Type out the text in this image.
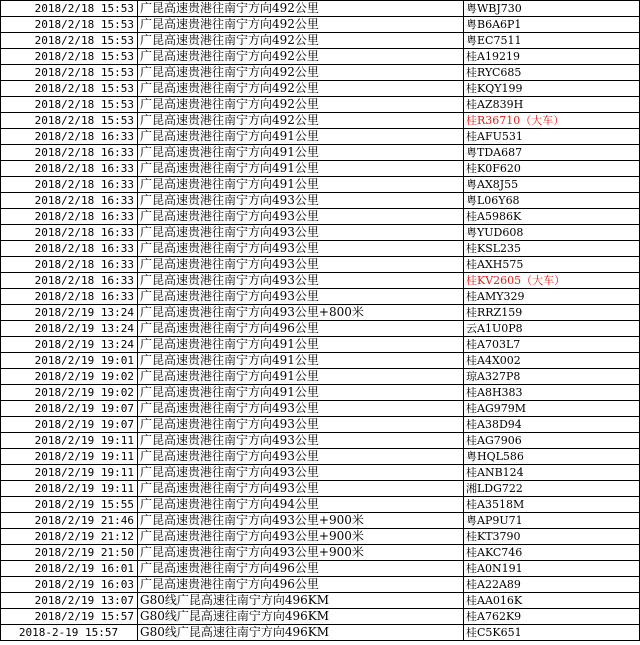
2018/2/18 15:53	广昆高速贵港往南宁方向492公里	粤WBJ730
2018/2/18 15:53	广昆高速贵港往南宁方向492公里	粤B6A6P1
2018/2/18 15:53	广昆高速贵港往南宁方向492公里	粤EC7511
2018/2/18 15:53	广昆高速贵港往南宁方向492公里	桂A19219
2018/2/18 15:53	广昆高速贵港往南宁方向492公里	桂RYC685
2018/2/18 15:53	广昆高速贵港往南宁方向492公里	桂KQY199
2018/2/18 15:53	广昆高速贵港往南宁方向492公里	桂AZ839H
2018/2/18 15:53	广昆高速贵港往南宁方向492公里	桂R36710（大车）
2018/2/18 16:33	广昆高速贵港往南宁方向491公里	桂AFU531
2018/2/18 16:33	广昆高速贵港往南宁方向491公里	粤TDA687
2018/2/18 16:33	广昆高速贵港往南宁方向491公里	桂K0F620
2018/2/18 16:33	广昆高速贵港往南宁方向491公里	粤AX8J55
2018/2/18 16:33	广昆高速贵港往南宁方向493公里	粤L06Y68
2018/2/18 16:33	广昆高速贵港往南宁方向493公里	桂A5986K
2018/2/18 16:33	广昆高速贵港往南宁方向493公里	粤YUD608
2018/2/18 16:33	广昆高速贵港往南宁方向493公里	桂KSL235
2018/2/18 16:33	广昆高速贵港往南宁方向493公里	桂AXH575
2018/2/18 16:33	广昆高速贵港往南宁方向493公里	桂KV2605（大车）
2018/2/18 16:33	广昆高速贵港往南宁方向493公里	桂AMY329
2018/2/19 13:24	广昆高速贵港往南宁方向493公里+800米	桂RRZ159
2018/2/19 13:24	广昆高速贵港往南宁方向496公里	云A1U0P8
2018/2/19 13:24	广昆高速贵港往南宁方向491公里	桂A703L7
2018/2/19 19:01	广昆高速贵港往南宁方向491公里	桂A4X002
2018/2/19 19:02	广昆高速贵港往南宁方向491公里	琼A327P8
2018/2/19 19:02	广昆高速贵港往南宁方向491公里	桂A8H383
2018/2/19 19:07	广昆高速贵港往南宁方向493公里	桂AG979M
2018/2/19 19:07	广昆高速贵港往南宁方向493公里	桂A38D94
2018/2/19 19:11	广昆高速贵港往南宁方向493公里	桂AG7906
2018/2/19 19:11	广昆高速贵港往南宁方向493公里	粤HQL586
2018/2/19 19:11	广昆高速贵港往南宁方向493公里	桂ANB124
2018/2/19 19:11	广昆高速贵港往南宁方向493公里	湘LDG722
2018/2/19 15:55	广昆高速贵港往南宁方向494公里	桂A3518M
2018/2/19 21:46	广昆高速贵港往南宁方向493公里+900米	粤AP9U71
2018/2/19 21:12	广昆高速贵港往南宁方向493公里+900米	桂KT3790
2018/2/19 21:50	广昆高速贵港往南宁方向493公里+900米	桂AKC746
2018/2/19 16:01	广昆高速贵港往南宁方向496公里	桂A0N191
2018/2/19 16:03	广昆高速贵港往南宁方向496公里	桂A22A89
2018/2/19 13:07	G80线广昆高速往南宁方向496KM	桂AA016K
2018/2/19 15:57	G80线广昆高速往南宁方向496KM	桂A762K9
2018-2-19 15:57	G80线广昆高速往南宁方向496KM	桂C5K651
